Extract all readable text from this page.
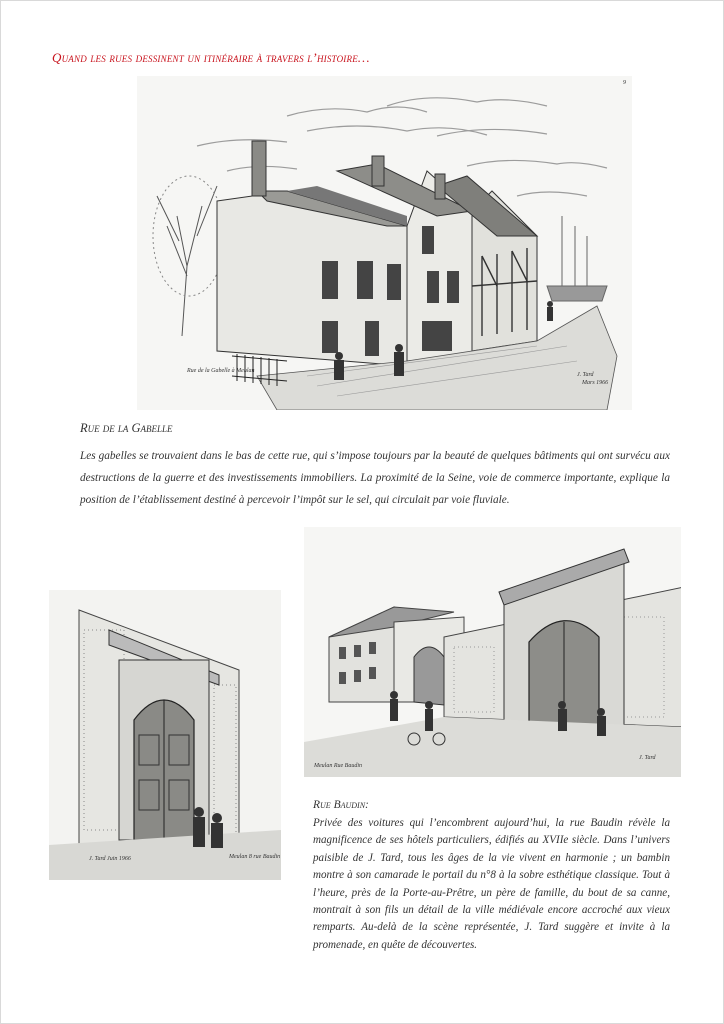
Quand les rues dessinent un itinéraire à travers l’histoire…
Rue de la Gabelle à Meulan
J. Tard
Mars 1966
9
Rue de la Gabelle
Les gabelles se trouvaient dans le bas de cette rue, qui s’impose toujours par la beauté de quelques bâtiments qui ont survécu aux destructions de la guerre et des investissements immobiliers. La proximité de la Seine, voie de commerce importante, explique la position de l’établissement destiné à percevoir l’impôt sur le sel, qui circulait par voie fluviale.
J. Tard Juin 1966	Meulan 8 rue Baudin
Meulan Rue Baudin
J. Tard
Rue Baudin:
Privée des voitures qui l’encombrent aujourd’hui, la rue Baudin révèle la magnificence de ses hôtels particuliers, édifiés au XVIIe siècle. Dans l’univers paisible de J. Tard, tous les âges de la vie vivent en harmonie ; un bambin montre à son camarade le portail du n°8 à la sobre esthétique classique. Tout à l’heure, près de la Porte-au-Prêtre, un père de famille, du bout de sa canne, montrait à son fils un détail de la ville médiévale encore accroché aux vieux remparts. Au-delà de la scène représentée, J. Tard suggère et invite à la promenade, en quête de découvertes.
